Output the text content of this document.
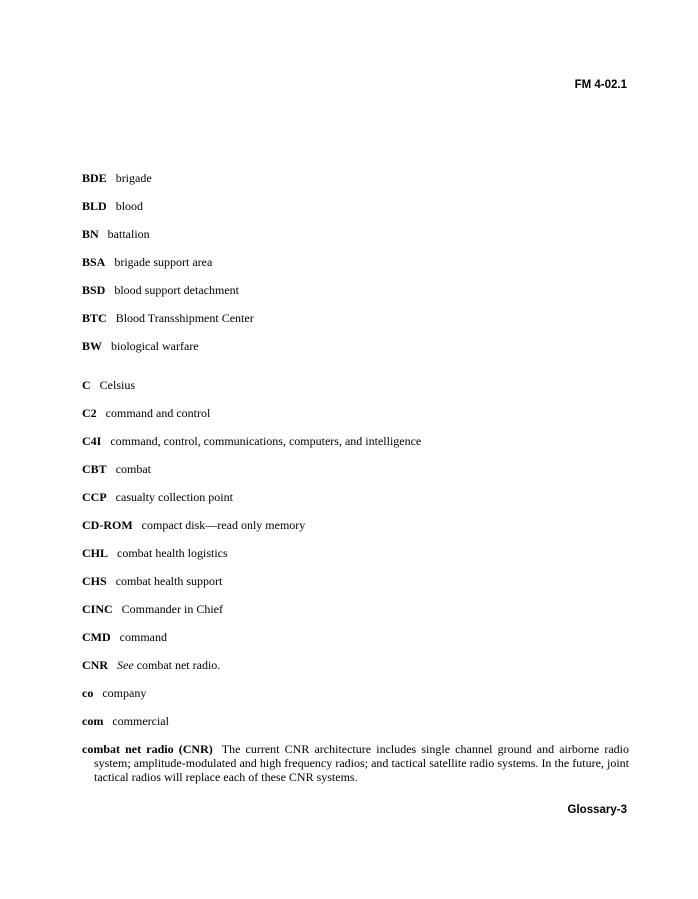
FM 4-02.1

BDE brigade

BLD blood

BN battalion

BSA brigade support area

BSD blood support detachment

BTC Blood Transshipment Center

BW biological warfare

C Celsius

C2 command and control

C4I command, control, communications, computers, and intelligence

CBT combat

CCP casualty collection point

CD-ROM compact disk—read only memory

CHL combat health logistics

CHS combat health support

CINC Commander in Chief

CMD command

CNR See combat net radio.

co company

com commercial

combat net radio (CNR) The current CNR architecture includes single channel ground and airborne radio system; amplitude-modulated and high frequency radios; and tactical satellite radio systems. In the future, joint tactical radios will replace each of these CNR systems.

Glossary-3
